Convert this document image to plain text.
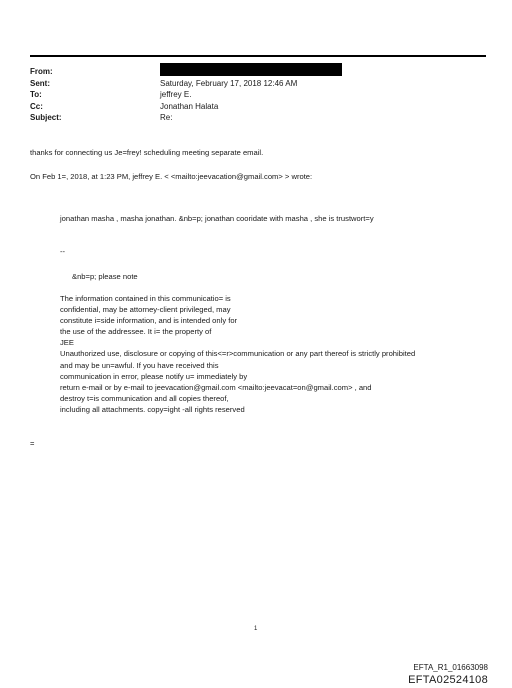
From:
Sent:	Saturday, February 17, 2018 12:46 AM
To:	jeffrey E.
Cc:	Jonathan Halata
Subject:	Re:
thanks for connecting us Je=frey! scheduling meeting separate email.
On Feb 1=, 2018, at 1:23 PM, jeffrey E. < <mailto:jeevacation@gmail.com> > wrote:
jonathan masha , masha jonathan. &nb=p; jonathan cooridate with masha , she is trustwort=y
--
&nb=p; please note
The information contained in this communicatio= is
confidential, may be attorney-client privileged, may
constitute i=side information, and is intended only for
the use of the addressee. It i= the property of
JEE
Unauthorized use, disclosure or copying of this<=r>communication or any part thereof is strictly prohibited
and may be un=awful. If you have received this
communication in error, please notify u= immediately by
return e-mail or by e-mail to jeevacation@gmail.com <mailto:jeevacat=on@gmail.com> , and
destroy t=is communication and all copies thereof,
including all attachments. copy=ight -all rights reserved
=
1
EFTA_R1_01663098
EFTA02524108
